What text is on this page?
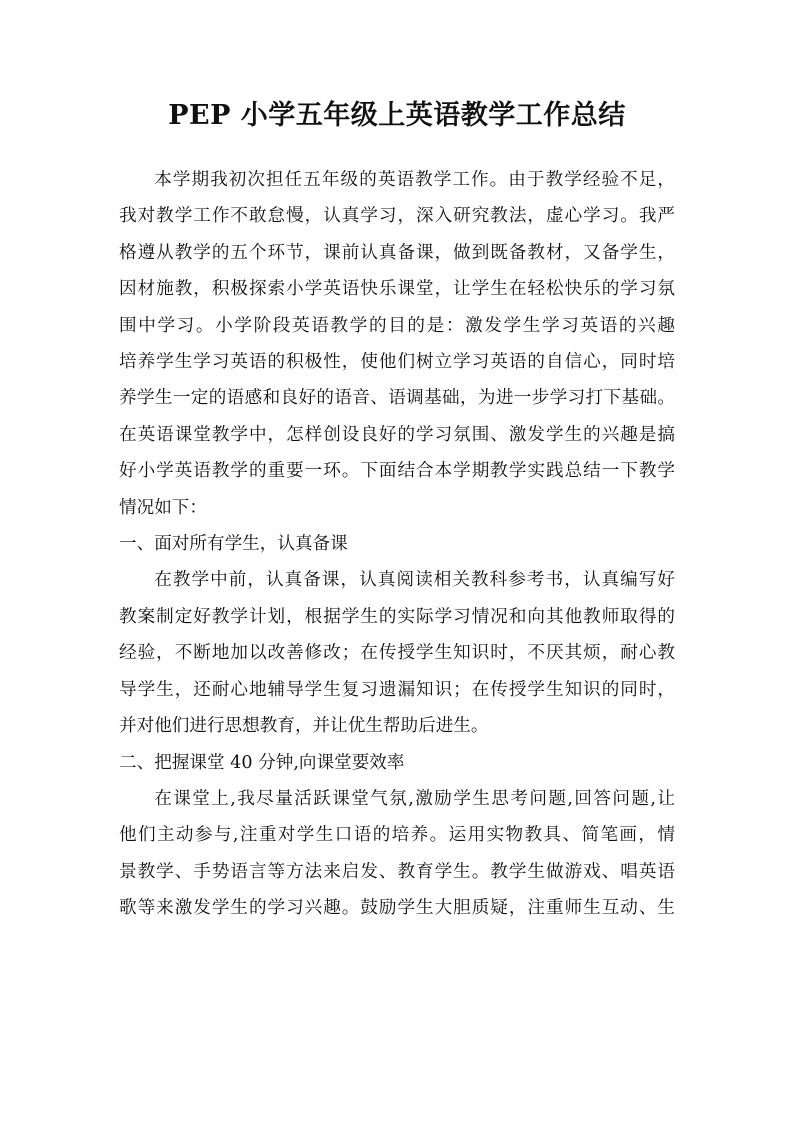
PEP 小学五年级上英语教学工作总结

本学期我初次担任五年级的英语教学工作。由于教学经验不足，
我对教学工作不敢怠慢，认真学习，深入研究教法，虚心学习。我严
格遵从教学的五个环节，课前认真备课，做到既备教材，又备学生，
因材施教，积极探索小学英语快乐课堂，让学生在轻松快乐的学习氛
围中学习。小学阶段英语教学的目的是：激发学生学习英语的兴趣
培养学生学习英语的积极性，使他们树立学习英语的自信心，同时培
养学生一定的语感和良好的语音、语调基础，为进一步学习打下基础。
在英语课堂教学中，怎样创设良好的学习氛围、激发学生的兴趣是搞
好小学英语教学的重要一环。下面结合本学期教学实践总结一下教学
情况如下：

一、面对所有学生，认真备课

在教学中前，认真备课，认真阅读相关教科参考书，认真编写好
教案制定好教学计划，根据学生的实际学习情况和向其他教师取得的
经验，不断地加以改善修改；在传授学生知识时，不厌其烦，耐心教
导学生，还耐心地辅导学生复习遗漏知识；在传授学生知识的同时，
并对他们进行思想教育，并让优生帮助后进生。

二、把握课堂 40 分钟,向课堂要效率

在课堂上,我尽量活跃课堂气氛,激励学生思考问题,回答问题,让
他们主动参与,注重对学生口语的培养。运用实物教具、简笔画，情
景教学、手势语言等方法来启发、教育学生。教学生做游戏、唱英语
歌等来激发学生的学习兴趣。鼓励学生大胆质疑，注重师生互动、生
